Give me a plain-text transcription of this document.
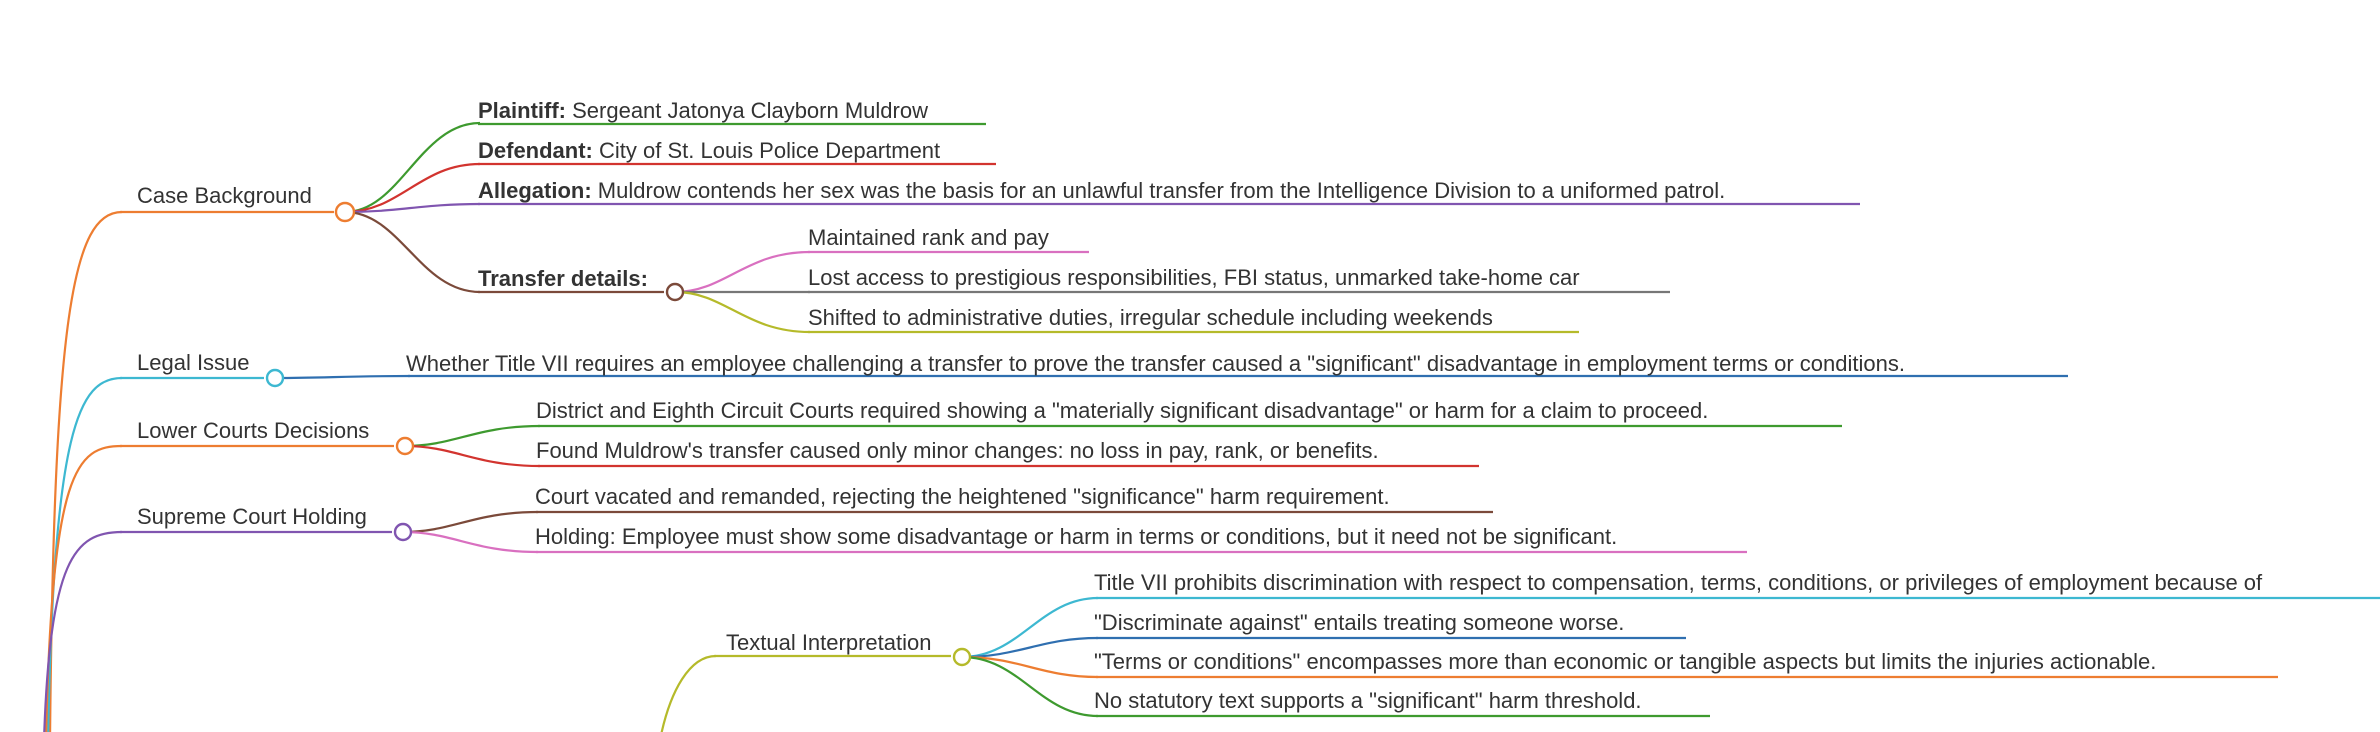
Case Background
Plaintiff: Sergeant Jatonya Clayborn Muldrow
Defendant: City of St. Louis Police Department
Allegation: Muldrow contends her sex was the basis for an unlawful transfer from the Intelligence Division to a uniformed patrol.
Transfer details:
Maintained rank and pay
Lost access to prestigious responsibilities, FBI status, unmarked take-home car
Shifted to administrative duties, irregular schedule including weekends
Legal Issue	Whether Title VII requires an employee challenging a transfer to prove the transfer caused a "significant" disadvantage in employment terms or conditions.
Lower Courts Decisions
District and Eighth Circuit Courts required showing a "materially significant disadvantage" or harm for a claim to proceed.
Found Muldrow's transfer caused only minor changes: no loss in pay, rank, or benefits.
Supreme Court Holding
Court vacated and remanded, rejecting the heightened "significance" harm requirement.
Holding: Employee must show some disadvantage or harm in terms or conditions, but it need not be significant.
Textual Interpretation
Title VII prohibits discrimination with respect to compensation, terms, conditions, or privileges of employment because of
"Discriminate against" entails treating someone worse.
"Terms or conditions" encompasses more than economic or tangible aspects but limits the injuries actionable.
No statutory text supports a "significant" harm threshold.
